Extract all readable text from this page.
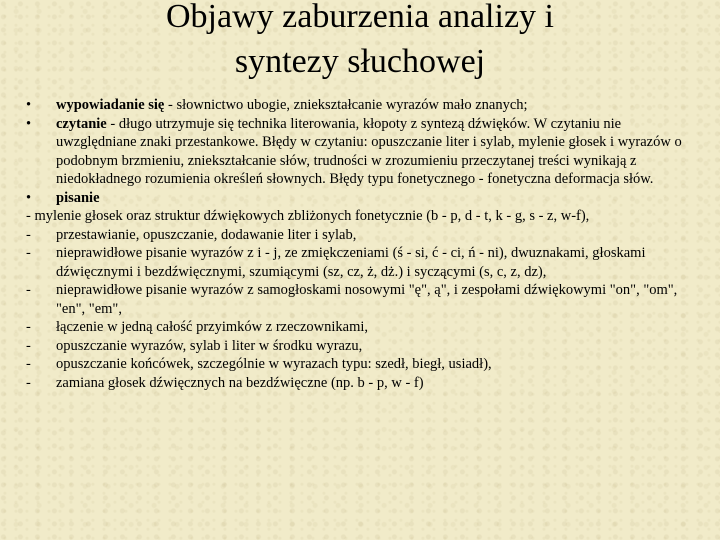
Objawy zaburzenia analizy i
syntezy słuchowej

•	wypowiadanie się - słownictwo ubogie, zniekształcanie wyrazów mało znanych;

•	czytanie - długo utrzymuje się technika literowania, kłopoty z syntezą dźwięków. W czytaniu nie uwzględniane znaki przestankowe. Błędy w czytaniu: opuszczanie liter i sylab, mylenie głosek i wyrazów o podobnym brzmieniu, zniekształcanie słów, trudności w zrozumieniu przeczytanej treści wynikają z niedokładnego rozumienia określeń słownych. Błędy typu fonetycznego - fonetyczna deformacja słów.

•	pisanie

- mylenie głosek oraz struktur dźwiękowych zbliżonych fonetycznie (b - p, d - t, k - g, s - z, w-f),

-	przestawianie, opuszczanie, dodawanie liter i sylab,

-	nieprawidłowe pisanie wyrazów z i - j, ze zmiękczeniami (ś - si, ć - ci, ń - ni), dwuznakami, głoskami dźwięcznymi i bezdźwięcznymi, szumiącymi (sz, cz, ż, dż.) i syczącymi (s, c, z, dz),

-	nieprawidłowe pisanie wyrazów z samogłoskami nosowymi "ę", ą", i zespołami dźwiękowymi "on", "om", "en", "em",

-	łączenie w jedną całość przyimków z rzeczownikami,

-	opuszczanie wyrazów, sylab i liter w środku wyrazu,

-	opuszczanie końcówek, szczególnie w wyrazach typu: szedł, biegł, usiadł),

-	zamiana głosek dźwięcznych na bezdźwięczne (np. b - p, w - f)
